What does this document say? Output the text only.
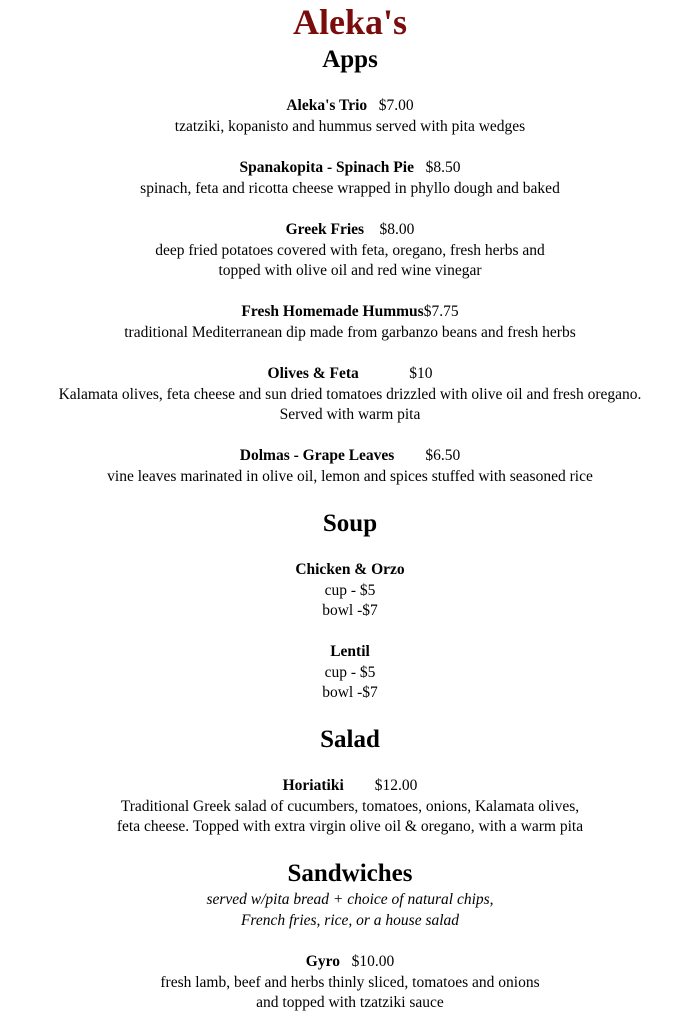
Aleka's
Apps
Aleka's Trio $7.00
tzatziki, kopanisto and hummus served with pita wedges
Spanakopita - Spinach Pie $8.50
spinach, feta and ricotta cheese wrapped in phyllo dough and baked
Greek Fries $8.00
deep fried potatoes covered with feta, oregano, fresh herbs and
topped with olive oil and red wine vinegar
Fresh Homemade Hummus$7.75
traditional Mediterranean dip made from garbanzo beans and fresh herbs
Olives & Feta	$10
Kalamata olives, feta cheese and sun dried tomatoes drizzled with olive oil and fresh oregano.
Served with warm pita
Dolmas - Grape Leaves $6.50
vine leaves marinated in olive oil, lemon and spices stuffed with seasoned rice
Soup
Chicken & Orzo
cup - $5
bowl -$7
Lentil
cup - $5
bowl -$7
Salad
Horiatiki $12.00
Traditional Greek salad of cucumbers, tomatoes, onions, Kalamata olives,
feta cheese. Topped with extra virgin olive oil & oregano, with a warm pita
Sandwiches
served w/pita bread + choice of natural chips,
French fries, rice, or a house salad
Gyro $10.00
fresh lamb, beef and herbs thinly sliced, tomatoes and onions
and topped with tzatziki sauce
